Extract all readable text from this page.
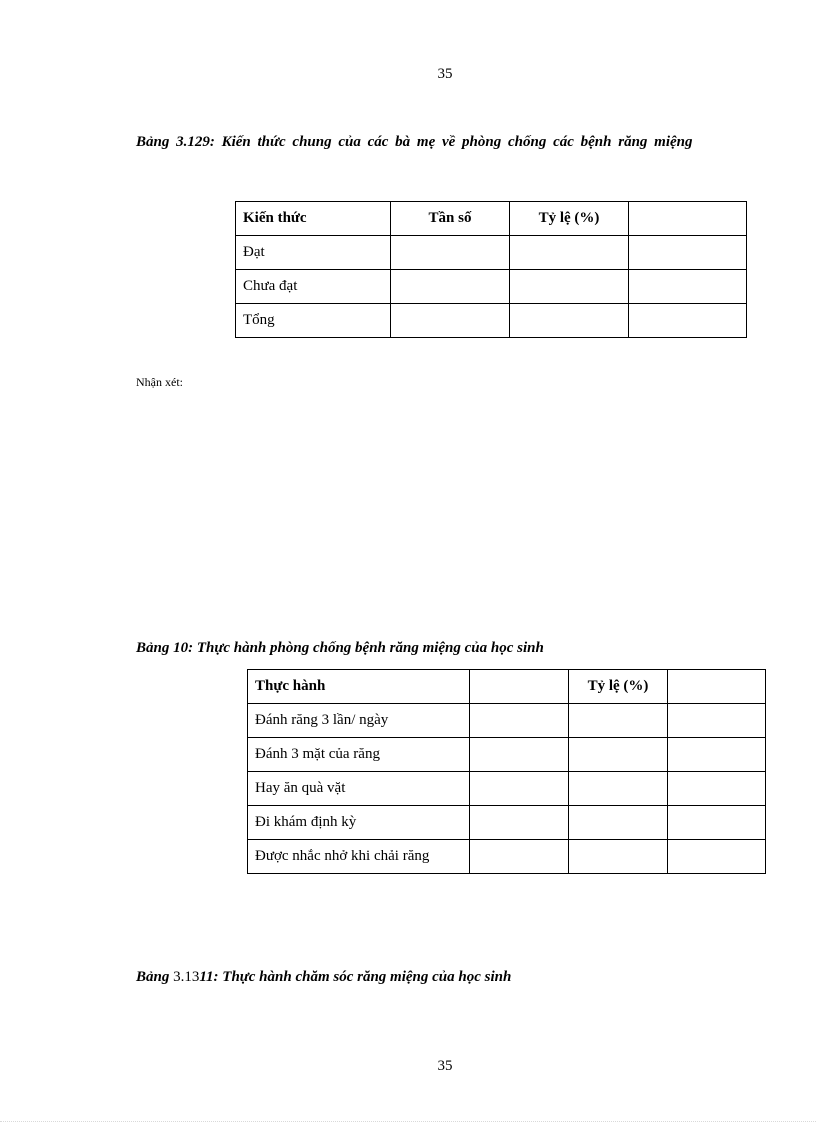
35
Bảng 3.129: Kiến thức chung của các bà mẹ về phòng chống các bệnh răng miệng
Kiến thức	Tần số	Tỷ lệ (%)	
Đạt			
Chưa đạt			
Tổng			
Nhận xét:
Bảng 10: Thực hành phòng chống bệnh răng miệng của học sinh
Thực hành		Tỷ lệ (%)	
Đánh răng 3 lần/ ngày			
Đánh 3 mặt của răng			
Hay ăn quà vặt			
Đi khám định kỳ			
Được nhắc nhở khi chải răng			
Bảng 3.1311: Thực hành chăm sóc răng miệng của học sinh
35
